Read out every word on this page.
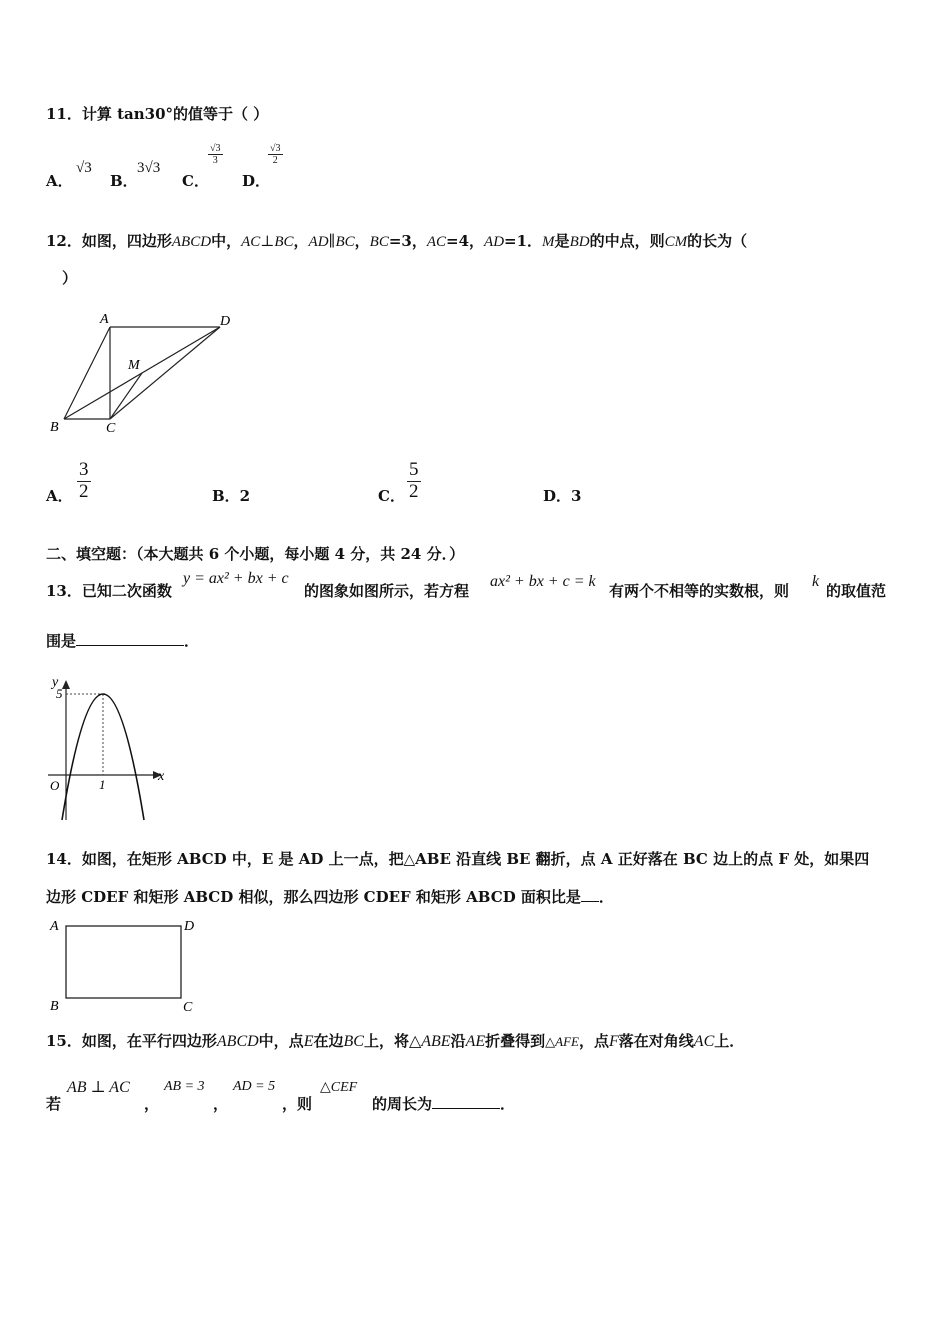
11．计算 tan30°的值等于（ ）
A．
√3
B．
3√3
C．
$\frac{√3}{3}$
D．
$\frac{√3}{2}$
12．如图，四边形ABCD中，AC⊥BC，AD∥BC，BC=3，AC=4，AD=1．M是BD的中点，则CM的长为（
）
A	D
M
B	C
A． $\frac{3}{2}$	B．2	C． $\frac{5}{2}$	D．3
二、填空题：（本大题共 6 个小题，每小题 4 分，共 24 分．）
13．已知二次函数
y = ax² + bx + c
的图象如图所示，若方程
ax² + bx + c = k
有两个不相等的实数根，则
k
的取值范
围是	．
y
x
O
5
1
14．如图，在矩形 ABCD 中，E 是 AD 上一点，把△ABE 沿直线 BE 翻折，点 A 正好落在 BC 边上的点 F 处，如果四
边形 CDEF 和矩形 ABCD 相似，那么四边形 CDEF 和矩形 ABCD 面积比是 ．
A	D
B	C
15．如图，在平行四边形ABCD中，点E在边BC上，将△ABE沿AE折叠得到△AFE，点F落在对角线AC上．
若
AB ⊥ AC
，
AB = 3
，
AD = 5
，则
△CEF
的周长为	．
